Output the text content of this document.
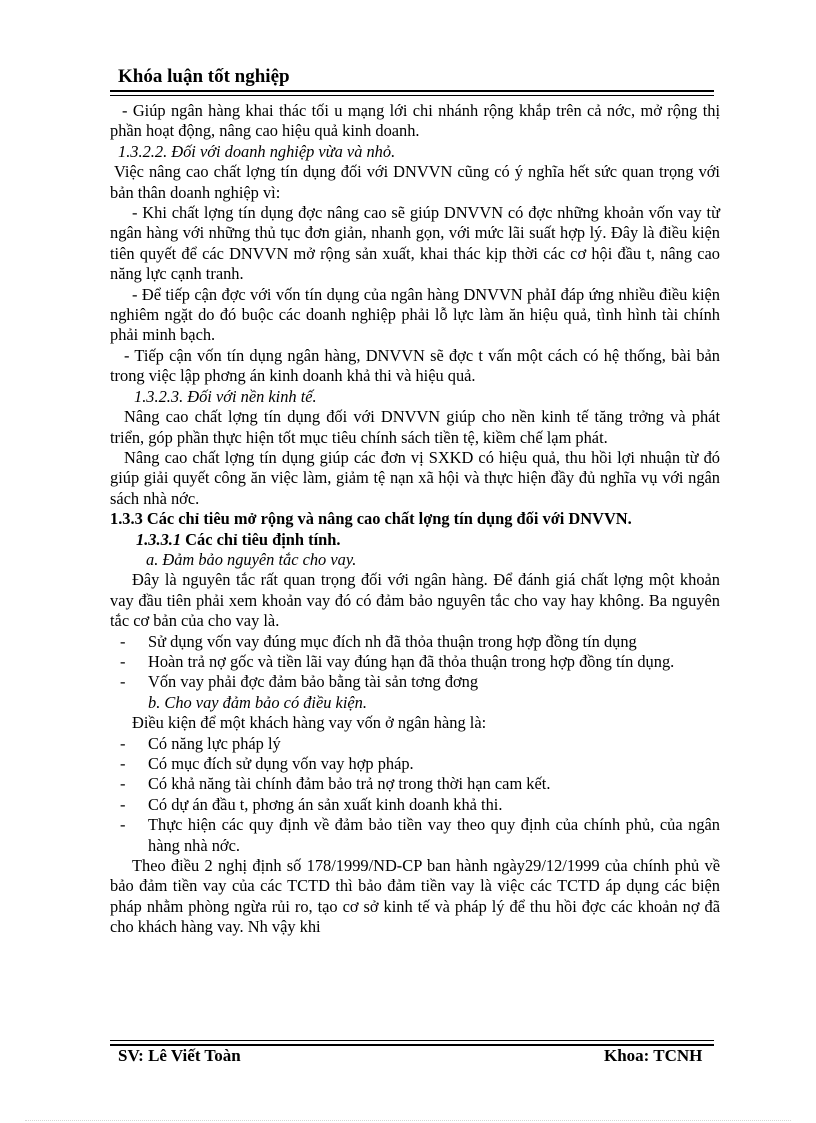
Khóa luận tốt nghiệp

- Giúp ngân hàng khai thác tối u mạng lới chi nhánh rộng khắp trên cả nớc, mở rộng thị phần hoạt động, nâng cao hiệu quả kinh doanh.

1.3.2.2. Đối với doanh nghiệp vừa và nhỏ.

Việc nâng cao chất lợng tín dụng đối với DNVVN cũng có ý nghĩa hết sức quan trọng với bản thân doanh nghiệp vì:

- Khi chất lợng tín dụng đợc nâng cao sẽ giúp DNVVN có đợc những khoản vốn vay từ ngân hàng với những thủ tục đơn giản, nhanh gọn, với mức lãi suất hợp lý. Đây là điều kiện tiên quyết để các DNVVN mở rộng sản xuất, khai thác kịp thời các cơ hội đầu t, nâng cao năng lực cạnh tranh.

- Để tiếp cận đợc với vốn tín dụng của ngân hàng DNVVN phảI đáp ứng nhiều điều kiện nghiêm ngặt do đó buộc các doanh nghiệp phải lỗ lực làm ăn hiệu quả, tình hình tài chính phải minh bạch.

- Tiếp cận vốn tín dụng ngân hàng, DNVVN sẽ đợc t vấn một cách có hệ thống, bài bản trong việc lập phơng án kinh doanh khả thi và hiệu quả.

1.3.2.3. Đối với nền kinh tế.

Nâng cao chất lợng tín dụng đối với DNVVN giúp cho nền kinh tế tăng trởng và phát triển, góp phần thực hiện tốt mục tiêu chính sách tiền tệ, kiềm chế lạm phát.

Nâng cao chất lợng tín dụng giúp các đơn vị SXKD có hiệu quả, thu hồi lợi nhuận từ đó giúp giải quyết công ăn việc làm, giảm tệ nạn xã hội và thực hiện đầy đủ nghĩa vụ với ngân sách nhà nớc.

1.3.3 Các chỉ tiêu mở rộng và nâng cao chất lợng tín dụng đối với DNVVN.

1.3.3.1 Các chỉ tiêu định tính.

a. Đảm bảo nguyên tắc cho vay.

Đây là nguyên tắc rất quan trọng đối với ngân hàng. Để đánh giá chất lợng một khoản vay đầu tiên phải xem khoản vay đó có đảm bảo nguyên tắc cho vay hay không. Ba nguyên tắc cơ bản của cho vay là.

- Sử dụng vốn vay đúng mục đích nh đã thỏa thuận trong hợp đồng tín dụng

- Hoàn trả nợ gốc và tiền lãi vay đúng hạn đã thỏa thuận trong hợp đồng tín dụng.

- Vốn vay phải đợc đảm bảo bằng tài sản tơng đơng

b. Cho vay đảm bảo có điều kiện.

Điều kiện để một khách hàng vay vốn ở ngân hàng là:

- Có năng lực pháp lý

- Có mục đích sử dụng vốn vay hợp pháp.

- Có khả năng tài chính đảm bảo trả nợ trong thời hạn cam kết.

- Có dự án đầu t, phơng án sản xuất kinh doanh khả thi.

- Thực hiện các quy định về đảm bảo tiền vay theo quy định của chính phủ, của ngân hàng nhà nớc.

Theo điều 2 nghị định số 178/1999/ND-CP ban hành ngày29/12/1999 của chính phủ về bảo đảm tiền vay của các TCTD thì bảo đảm tiền vay là việc các TCTD áp dụng các biện pháp nhằm phòng ngừa rủi ro, tạo cơ sở kinh tế và pháp lý để thu hồi đợc các khoản nợ đã cho khách hàng vay. Nh vậy khi

SV: Lê Viết Toàn	Khoa: TCNH
